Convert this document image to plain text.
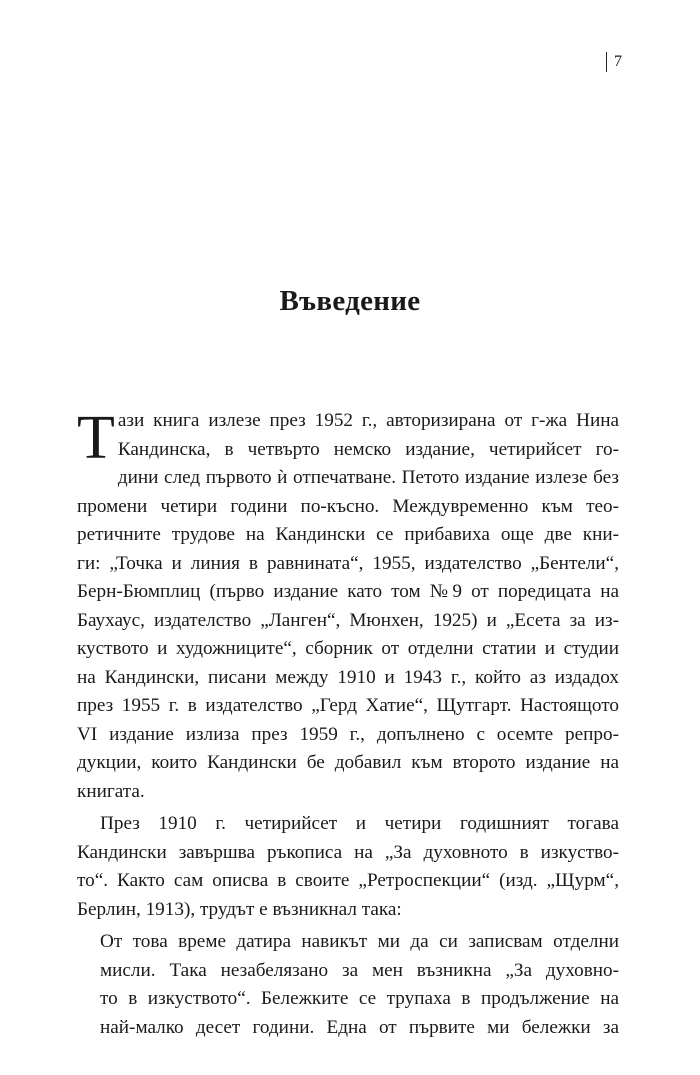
7
Въведение

Т ази книга излезе през 1952 г., авторизирана от г-жа Нина
Кандинска, в четвърто немско издание, четирийсет го-
дини след първото ѝ отпечатване. Петото издание излезе без
промени четири години по-късно. Междувременно към тео-
ретичните трудове на Кандински се прибавиха още две кни-
ги: „Точка и линия в равнината“, 1955, издателство „Бентели“,
Берн-Бюмплиц (първо издание като том №9 от поредицата на
Баухаус, издателство „Ланген“, Мюнхен, 1925) и „Есета за из-
куството и художниците“, сборник от отделни статии и студии
на Кандински, писани между 1910 и 1943 г., който аз издадох
през 1955 г. в издателство „Герд Хатие“, Щутгарт. Настоящото
VI издание излиза през 1959 г., допълнено с осемте репро-
дукции, които Кандински бе добавил към второто издание на
книгата.

През 1910 г. четирийсет и четири годишният тогава
Кандински завършва ръкописа на „За духовното в изкуство-
то“. Както сам описва в своите „Ретроспекции“ (изд. „Щурм“,
Берлин, 1913), трудът е възникнал така:

От това време датира навикът ми да си записвам отделни
мисли. Така незабелязано за мен възникна „За духовно-
то в изкуството“. Бележките се трупаха в продължение на
най-малко десет години. Една от първите ми бележки за
